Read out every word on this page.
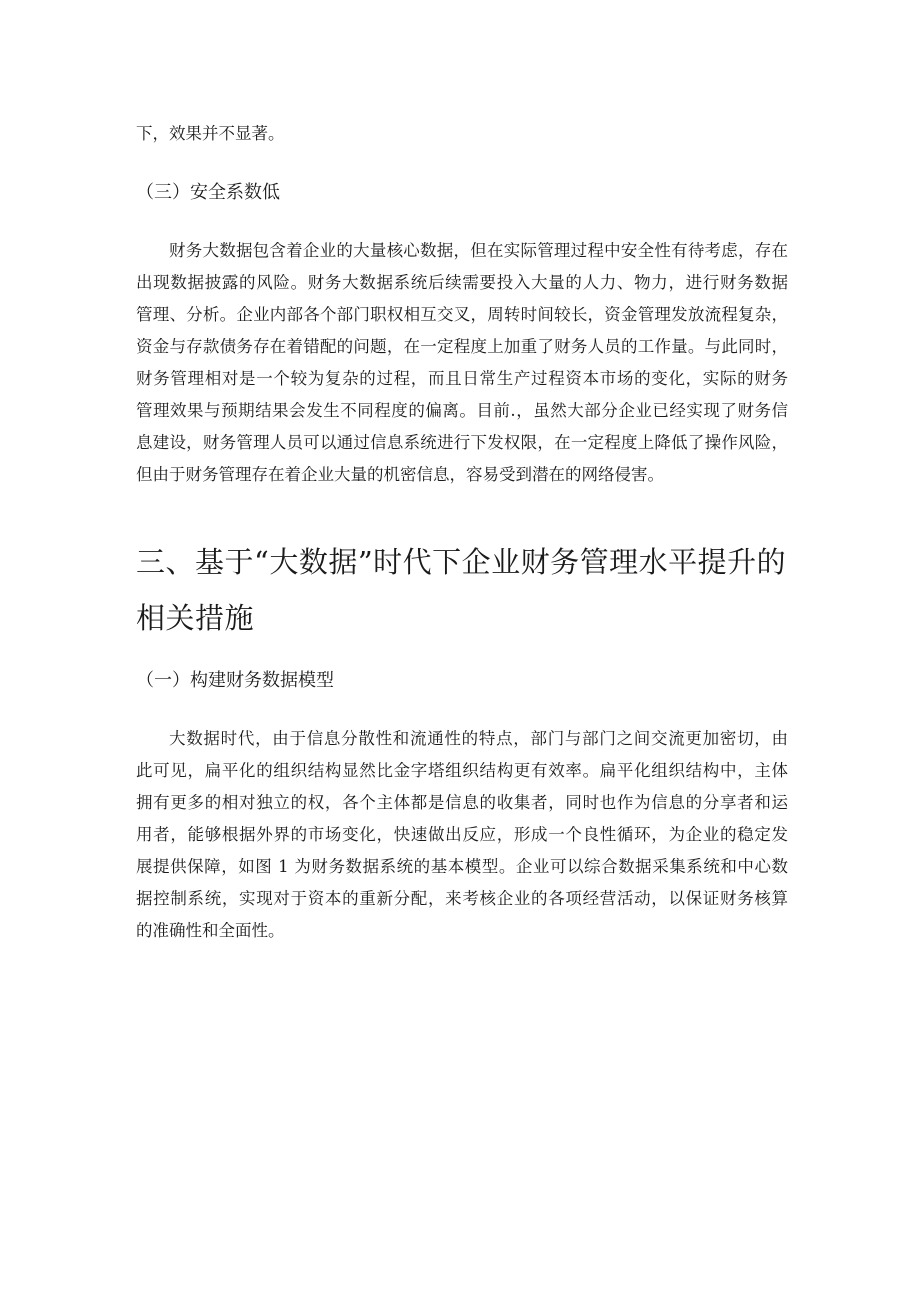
下，效果并不显著。
（三）安全系数低
财务大数据包含着企业的大量核心数据，但在实际管理过程中安全性有待考虑，存在
出现数据披露的风险。财务大数据系统后续需要投入大量的人力、物力，进行财务数据
管理、分析。企业内部各个部门职权相互交叉，周转时间较长，资金管理发放流程复杂，
资金与存款债务存在着错配的问题，在一定程度上加重了财务人员的工作量。与此同时，
财务管理相对是一个较为复杂的过程，而且日常生产过程资本市场的变化，实际的财务
管理效果与预期结果会发生不同程度的偏离。目前.，虽然大部分企业已经实现了财务信
息建设，财务管理人员可以通过信息系统进行下发权限，在一定程度上降低了操作风险，
但由于财务管理存在着企业大量的机密信息，容易受到潜在的网络侵害。
三、基于“大数据”时代下企业财务管理水平提升的
相关措施
（一）构建财务数据模型
大数据时代，由于信息分散性和流通性的特点，部门与部门之间交流更加密切，由
此可见，扁平化的组织结构显然比金字塔组织结构更有效率。扁平化组织结构中，主体
拥有更多的相对独立的权，各个主体都是信息的收集者，同时也作为信息的分享者和运
用者，能够根据外界的市场变化，快速做出反应，形成一个良性循环，为企业的稳定发
展提供保障，如图 1 为财务数据系统的基本模型。企业可以综合数据采集系统和中心数
据控制系统，实现对于资本的重新分配，来考核企业的各项经营活动，以保证财务核算
的准确性和全面性。
